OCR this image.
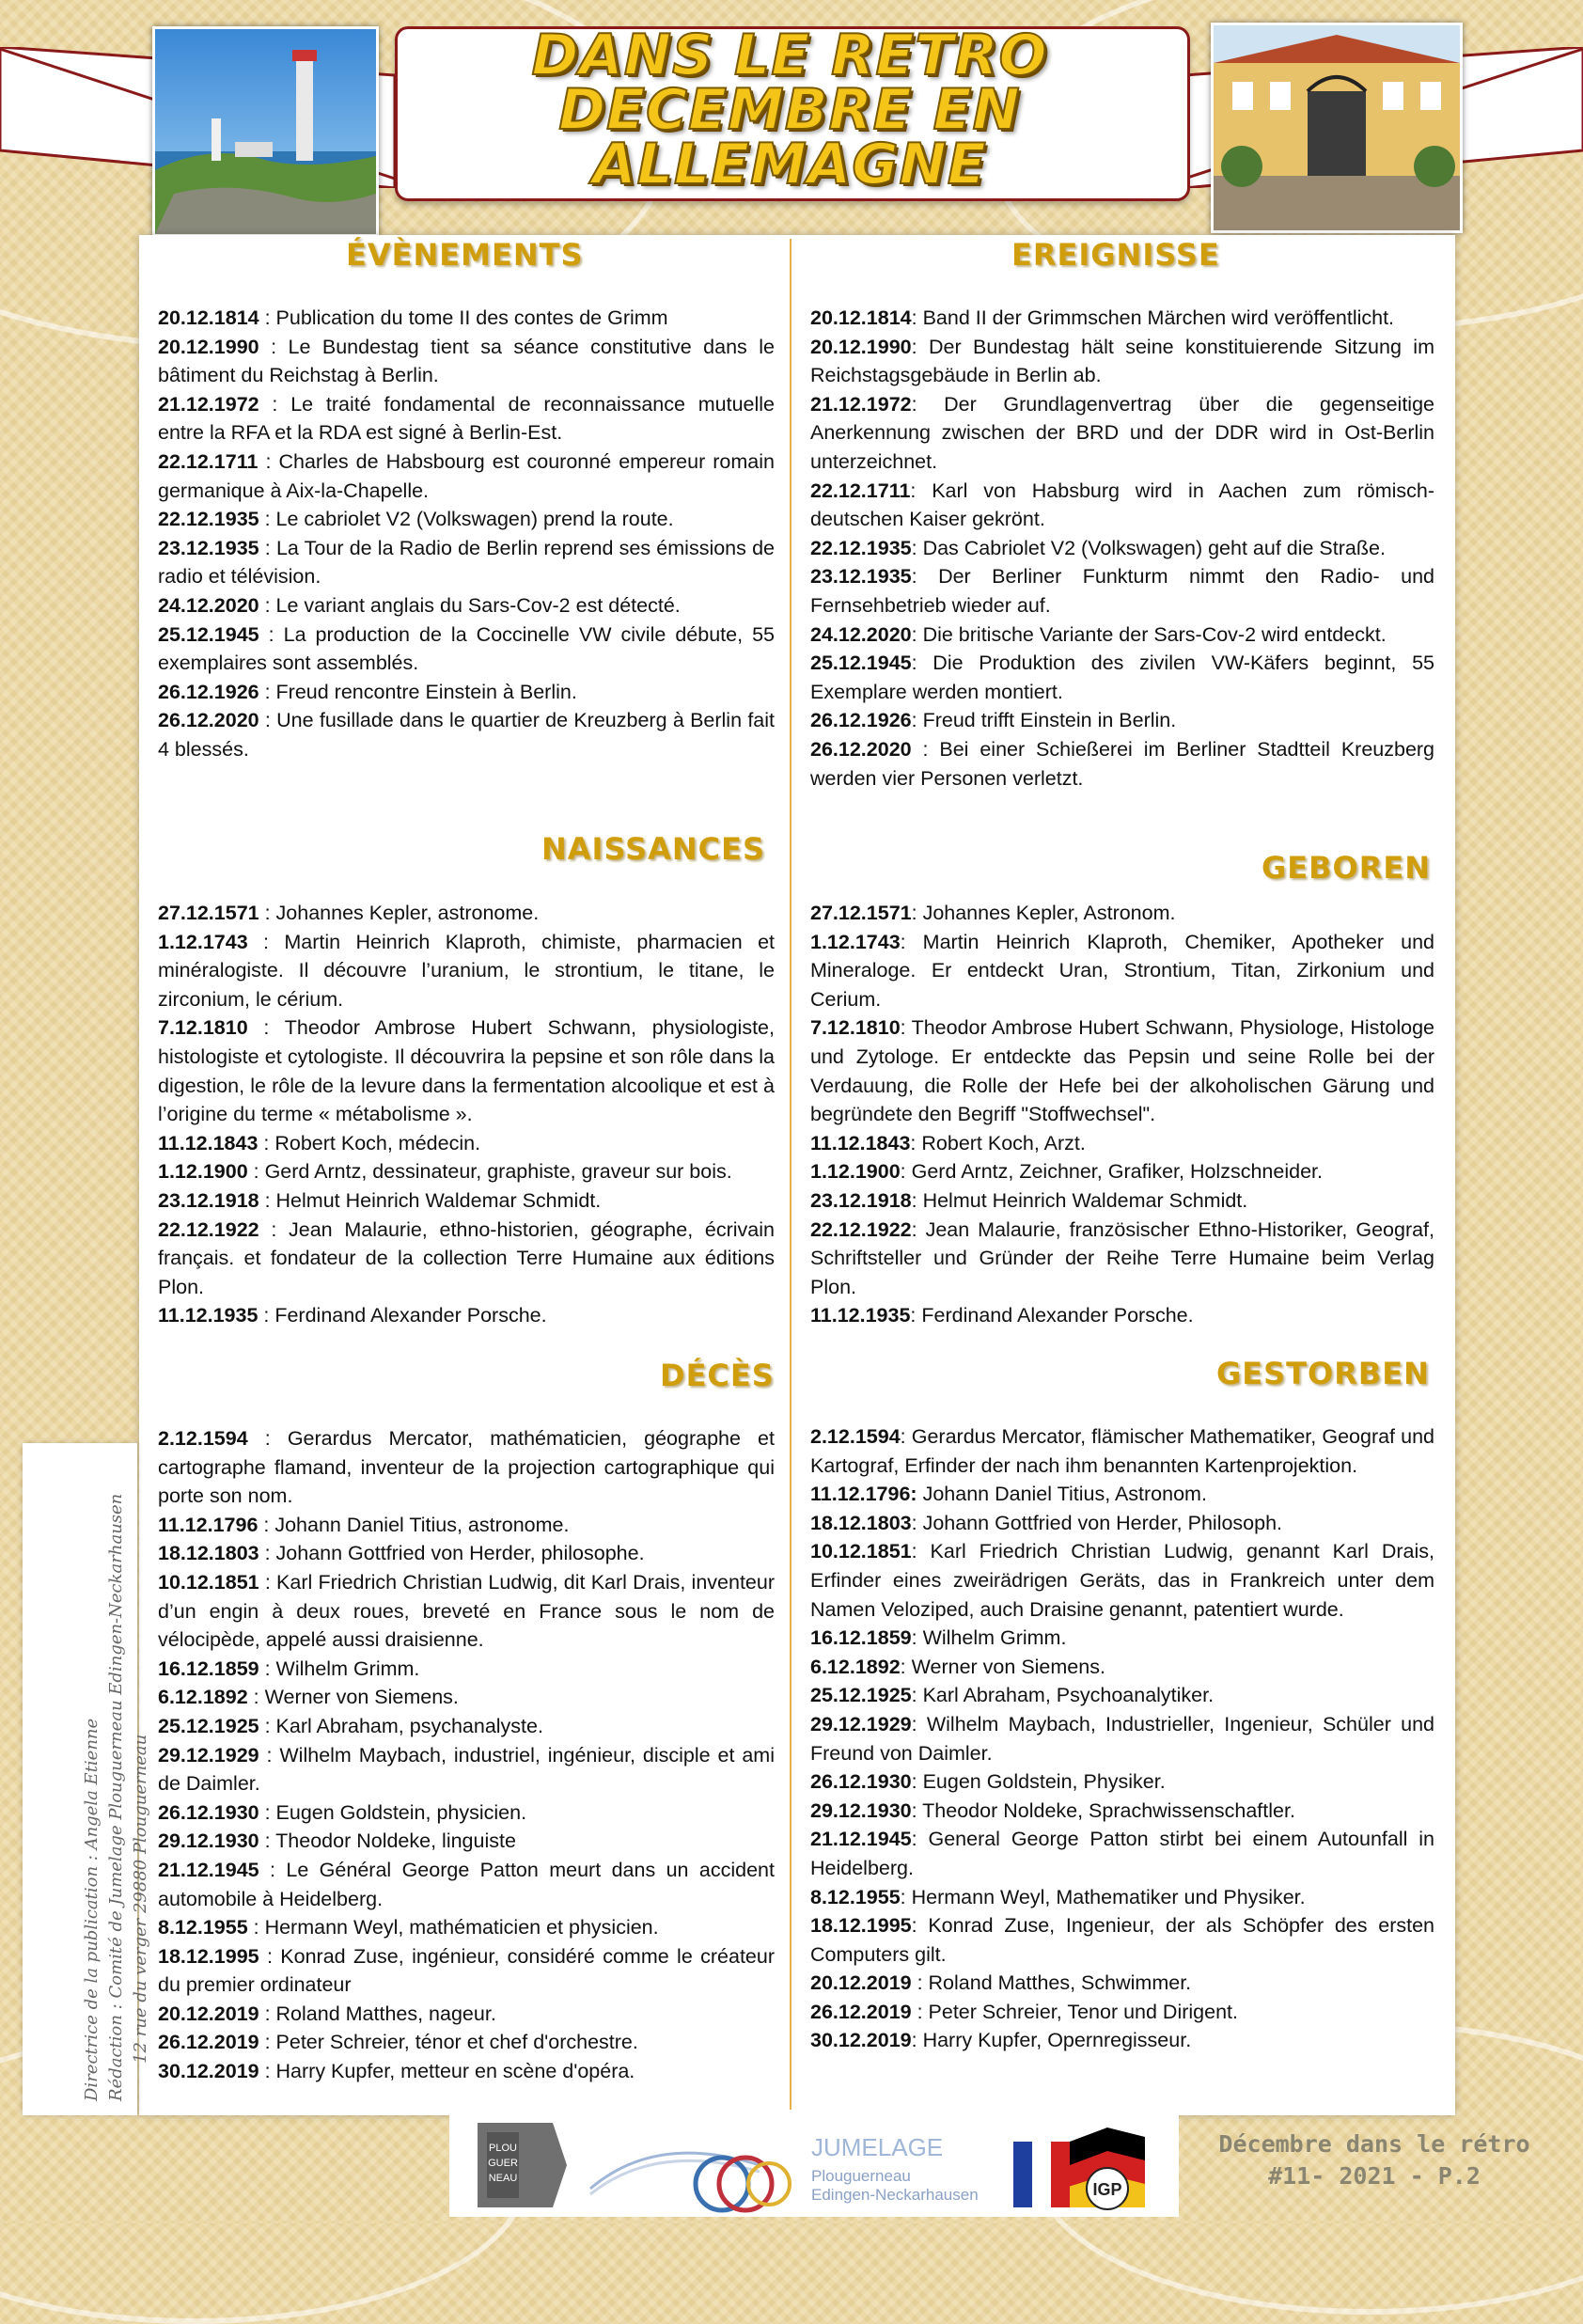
DANS LE RETRO
DECEMBRE EN
ALLEMAGNE
ÉVÈNEMENTS
NAISSANCES
DÉCÈS
EREIGNISSE
GEBOREN
GESTORBEN

20.12.1814 : Publication du tome II des contes de Grimm

20.12.1990 : Le Bundestag tient sa séance constitutive dans le bâtiment du Reichstag à Berlin.

21.12.1972 : Le traité fondamental de reconnaissance mutuelle entre la RFA et la RDA est signé à Berlin-Est.

22.12.1711 : Charles de Habsbourg est couronné empereur romain germanique à Aix-la-Chapelle.

22.12.1935 : Le cabriolet V2 (Volkswagen) prend la route.

23.12.1935 : La Tour de la Radio de Berlin reprend ses émissions de radio et télévision.

24.12.2020 : Le variant anglais du Sars-Cov-2 est détecté.

25.12.1945 : La production de la Coccinelle VW civile débute, 55 exemplaires sont assemblés.

26.12.1926 : Freud rencontre Einstein à Berlin.

26.12.2020 : Une fusillade dans le quartier de Kreuzberg à Berlin fait 4 blessés.

27.12.1571 : Johannes Kepler, astronome.

1.12.1743 : Martin Heinrich Klaproth, chimiste, pharmacien et minéralogiste. Il découvre l’uranium, le strontium, le titane, le zirconium, le cérium.

7.12.1810 : Theodor Ambrose Hubert Schwann, physiologiste, histologiste et cytologiste. Il découvrira la pepsine et son rôle dans la digestion, le rôle de la levure dans la fermentation alcoolique et est à l’origine du terme « métabolisme ».

11.12.1843 : Robert Koch, médecin.

1.12.1900 : Gerd Arntz, dessinateur, graphiste, graveur sur bois.

23.12.1918 : Helmut Heinrich Waldemar Schmidt.

22.12.1922 : Jean Malaurie, ethno-historien, géographe, écrivain français. et fondateur de la collection Terre Humaine aux éditions Plon.

11.12.1935 : Ferdinand Alexander Porsche.

2.12.1594 : Gerardus Mercator, mathématicien, géographe et cartographe flamand, inventeur de la projection cartographique qui porte son nom.

11.12.1796 : Johann Daniel Titius, astronome.

18.12.1803 : Johann Gottfried von Herder, philosophe.

10.12.1851 : Karl Friedrich Christian Ludwig, dit Karl Drais, inventeur d’un engin à deux roues, breveté en France sous le nom de vélocipède, appelé aussi draisienne.

16.12.1859 : Wilhelm Grimm.

6.12.1892 : Werner von Siemens.

25.12.1925 : Karl Abraham, psychanalyste.

29.12.1929 : Wilhelm Maybach, industriel, ingénieur, disciple et ami de Daimler.

26.12.1930 : Eugen Goldstein, physicien.

29.12.1930 : Theodor Noldeke, linguiste

21.12.1945 : Le Général George Patton meurt dans un accident automobile à Heidelberg.

8.12.1955 : Hermann Weyl, mathématicien et physicien.

18.12.1995 : Konrad Zuse, ingénieur, considéré comme le créateur du premier ordinateur

20.12.2019 : Roland Matthes, nageur.

26.12.2019 : Peter Schreier, ténor et chef d'orchestre.

30.12.2019 : Harry Kupfer, metteur en scène d'opéra.

20.12.1814: Band II der Grimmschen Märchen wird veröffentlicht.

20.12.1990: Der Bundestag hält seine konstituierende Sitzung im Reichstagsgebäude in Berlin ab.

21.12.1972: Der Grundlagenvertrag über die gegenseitige Anerkennung zwischen der BRD und der DDR wird in Ost-Berlin unterzeichnet.

22.12.1711: Karl von Habsburg wird in Aachen zum römisch-deutschen Kaiser gekrönt.

22.12.1935: Das Cabriolet V2 (Volkswagen) geht auf die Straße.

23.12.1935: Der Berliner Funkturm nimmt den Radio- und Fernsehbetrieb wieder auf.

24.12.2020: Die britische Variante der Sars-Cov-2 wird entdeckt.

25.12.1945: Die Produktion des zivilen VW-Käfers beginnt, 55 Exemplare werden montiert.

26.12.1926: Freud trifft Einstein in Berlin.

26.12.2020 : Bei einer Schießerei im Berliner Stadtteil Kreuzberg werden vier Personen verletzt.

27.12.1571: Johannes Kepler, Astronom.

1.12.1743: Martin Heinrich Klaproth, Chemiker, Apotheker und Mineraloge. Er entdeckt Uran, Strontium, Titan, Zirkonium und Cerium.

7.12.1810: Theodor Ambrose Hubert Schwann, Physiologe, Histologe und Zytologe. Er entdeckte das Pepsin und seine Rolle bei der Verdauung, die Rolle der Hefe bei der alkoholischen Gärung und begründete den Begriff "Stoffwechsel".

11.12.1843: Robert Koch, Arzt.

1.12.1900: Gerd Arntz, Zeichner, Grafiker, Holzschneider.

23.12.1918: Helmut Heinrich Waldemar Schmidt.

22.12.1922: Jean Malaurie, französischer Ethno-Historiker, Geograf, Schriftsteller und Gründer der Reihe Terre Humaine beim Verlag Plon.

11.12.1935: Ferdinand Alexander Porsche.

2.12.1594: Gerardus Mercator, flämischer Mathematiker, Geograf und Kartograf, Erfinder der nach ihm benannten Kartenprojektion.

11.12.1796: Johann Daniel Titius, Astronom.

18.12.1803: Johann Gottfried von Herder, Philosoph.

10.12.1851: Karl Friedrich Christian Ludwig, genannt Karl Drais, Erfinder eines zweirädrigen Geräts, das in Frankreich unter dem Namen Veloziped, auch Draisine genannt, patentiert wurde.

16.12.1859: Wilhelm Grimm.

6.12.1892: Werner von Siemens.

25.12.1925: Karl Abraham, Psychoanalytiker.

29.12.1929: Wilhelm Maybach, Industrieller, Ingenieur, Schüler und Freund von Daimler.

26.12.1930: Eugen Goldstein, Physiker.

29.12.1930: Theodor Noldeke, Sprachwissenschaftler.

21.12.1945: General George Patton stirbt bei einem Autounfall in Heidelberg.

8.12.1955: Hermann Weyl, Mathematiker und Physiker.

18.12.1995: Konrad Zuse, Ingenieur, der als Schöpfer des ersten Computers gilt.

20.12.2019 : Roland Matthes, Schwimmer.

26.12.2019 : Peter Schreier, Tenor und Dirigent.

30.12.2019: Harry Kupfer, Opernregisseur.

Directrice de la publication : Angela Etienne Rédaction : Comité de Jumelage Plouguerneau Edingen-Neckarhausen 12 rue du verger 29880 Plouguerneau
PLOU
GUER
NEAU
JUMELAGE
Plouguerneau
Edingen-Neckarhausen	IGP
Décembre dans le rétro
#11- 2021 - P.2
